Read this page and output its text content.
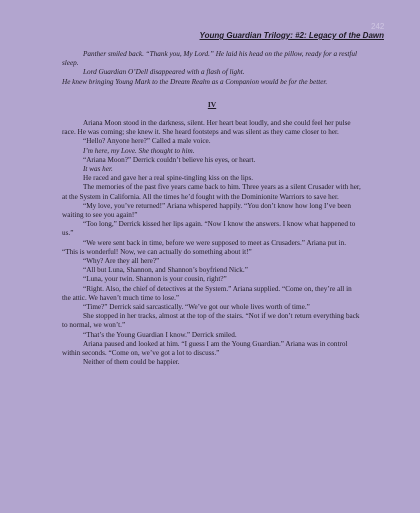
242
Young Guardian Trilogy: #2: Legacy of the Dawn

Panther smiled back. “Thank you, My Lord.” He laid his head on the pillow, ready for a restful sleep.

Lord Guardian O’Dell disappeared with a flash of light.

He knew bringing Young Mark to the Dream Realm as a Companion would be for the better.

IV

Ariana Moon stood in the darkness, silent. Her heart beat loudly, and she could feel her pulse race. He was coming; she knew it. She heard footsteps and was silent as they came closer to her.

“Hello? Anyone here?” Called a male voice.

I’m here, my Love. She thought to him.

“Ariana Moon?” Derrick couldn’t believe his eyes, or heart.

It was her.

He raced and gave her a real spine-tingling kiss on the lips.

The memories of the past five years came back to him. Three years as a silent Crusader with her, at the System in California. All the times he’d fought with the Dominionite Warriors to save her.

“My love, you’ve returned!” Ariana whispered happily. “You don’t know how long I’ve been waiting to see you again!”

“Too long,” Derrick kissed her lips again. “Now I know the answers. I know what happened to us.”

“We were sent back in time, before we were supposed to meet as Crusaders.” Ariana put in. “This is wonderful! Now, we can actually do something about it!”

“Why? Are they all here?”

“All but Luna, Shannon, and Shannon’s boyfriend Nick.”

“Luna, your twin. Shannon is your cousin, right?”

“Right. Also, the chief of detectives at the System.” Ariana supplied. “Come on, they’re all in the attic. We haven’t much time to lose.”

“Time?” Derrick said sarcastically. “We’ve got our whole lives worth of time.”

She stopped in her tracks, almost at the top of the stairs. “Not if we don’t return everything back to normal, we won’t.”

“That’s the Young Guardian I know.” Derrick smiled.

Ariana paused and looked at him. “I guess I am the Young Guardian.” Ariana was in control within seconds. “Come on, we’ve got a lot to discuss.”

Neither of them could be happier.
